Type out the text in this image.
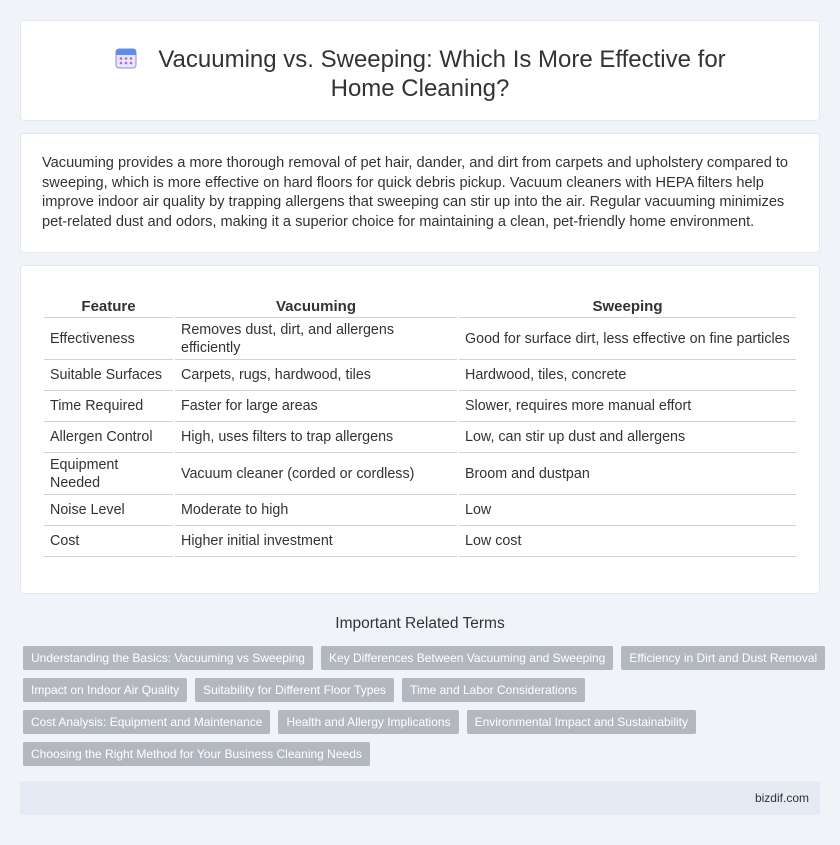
Vacuuming vs. Sweeping: Which Is More Effective for Home Cleaning?

Vacuuming provides a more thorough removal of pet hair, dander, and dirt from carpets and upholstery compared to sweeping, which is more effective on hard floors for quick debris pickup. Vacuum cleaners with HEPA filters help improve indoor air quality by trapping allergens that sweeping can stir up into the air. Regular vacuuming minimizes pet-related dust and odors, making it a superior choice for maintaining a clean, pet-friendly home environment.

Feature	Vacuuming	Sweeping
Effectiveness	Removes dust, dirt, and allergens efficiently	Good for surface dirt, less effective on fine particles
Suitable Surfaces	Carpets, rugs, hardwood, tiles	Hardwood, tiles, concrete
Time Required	Faster for large areas	Slower, requires more manual effort
Allergen Control	High, uses filters to trap allergens	Low, can stir up dust and allergens
Equipment Needed	Vacuum cleaner (corded or cordless)	Broom and dustpan
Noise Level	Moderate to high	Low
Cost	Higher initial investment	Low cost
Important Related Terms
Understanding the Basics: Vacuuming vs Sweeping	Key Differences Between Vacuuming and Sweeping	Efficiency in Dirt and Dust Removal
Impact on Indoor Air Quality	Suitability for Different Floor Types	Time and Labor Considerations
Cost Analysis: Equipment and Maintenance	Health and Allergy Implications	Environmental Impact and Sustainability
Choosing the Right Method for Your Business Cleaning Needs
bizdif.com
